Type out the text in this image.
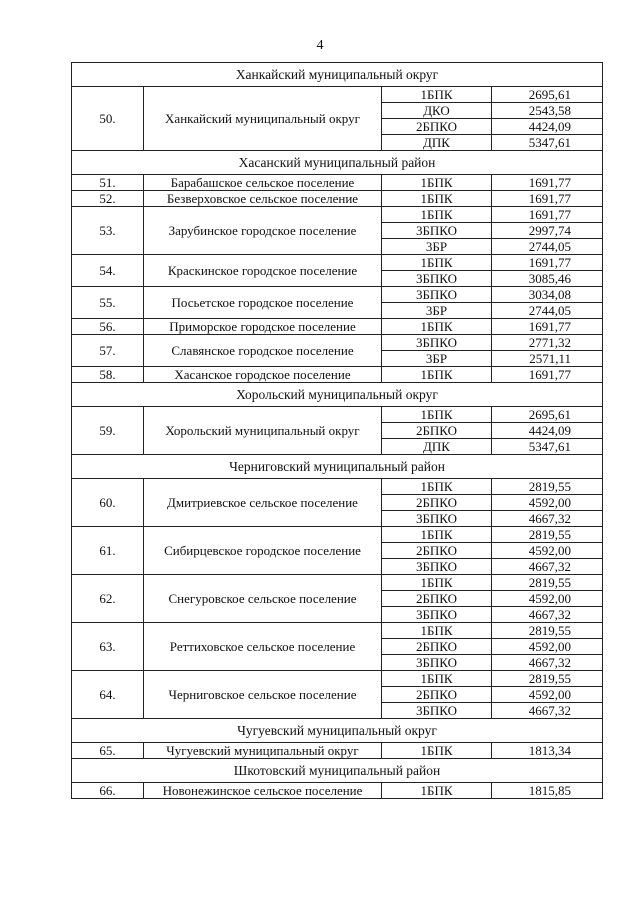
4
Ханкайский муниципальный округ			
50.	Ханкайский муниципальный округ	1БПК	2695,61
		ДКО	2543,58
		2БПКО	4424,09
		ДПК	5347,61
Хасанский муниципальный район			
51.	Барабашское сельское поселение	1БПК	1691,77
52.	Безверховское сельское поселение	1БПК	1691,77
53.	Зарубинское городское поселение	1БПК	1691,77
		3БПКО	2997,74
		3БР	2744,05
54.	Краскинское городское поселение	1БПК	1691,77
		3БПКО	3085,46
55.	Посьетское городское поселение	3БПКО	3034,08
		3БР	2744,05
56.	Приморское городское поселение	1БПК	1691,77
57.	Славянское городское поселение	3БПКО	2771,32
		3БР	2571,11
58.	Хасанское городское поселение	1БПК	1691,77
Хорольский муниципальный округ			
59.	Хорольский муниципальный округ	1БПК	2695,61
		2БПКО	4424,09
		ДПК	5347,61
Черниговский муниципальный район			
60.	Дмитриевское сельское поселение	1БПК	2819,55
		2БПКО	4592,00
		3БПКО	4667,32
61.	Сибирцевское городское поселение	1БПК	2819,55
		2БПКО	4592,00
		3БПКО	4667,32
62.	Снегуровское сельское поселение	1БПК	2819,55
		2БПКО	4592,00
		3БПКО	4667,32
63.	Реттиховское сельское поселение	1БПК	2819,55
		2БПКО	4592,00
		3БПКО	4667,32
64.	Черниговское сельское поселение	1БПК	2819,55
		2БПКО	4592,00
		3БПКО	4667,32
Чугуевский муниципальный округ			
65.	Чугуевский муниципальный округ	1БПК	1813,34
Шкотовский муниципальный район			
66.	Новонежинское сельское поселение	1БПК	1815,85
